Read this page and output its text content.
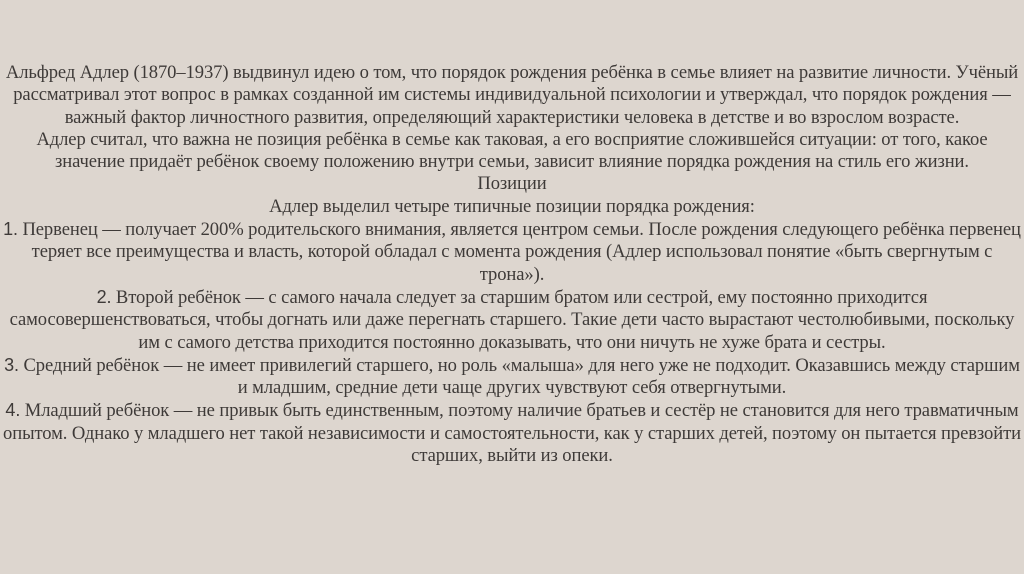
Альфред Адлер (1870–1937) выдвинул идею о том, что порядок рождения ребёнка в семье влияет на развитие личности. Учёный рассматривал этот вопрос в рамках созданной им системы индивидуальной психологии и утверждал, что порядок рождения — важный фактор личностного развития, определяющий характеристики человека в детстве и во взрослом возрасте.

Адлер считал, что важна не позиция ребёнка в семье как таковая, а его восприятие сложившейся ситуации: от того, какое значение придаёт ребёнок своему положению внутри семьи, зависит влияние порядка рождения на стиль его жизни.

Позиции

Адлер выделил четыре типичные позиции порядка рождения:

1. Первенец — получает 200% родительского внимания, является центром семьи. После рождения следующего ребёнка первенец теряет все преимущества и власть, которой обладал с момента рождения (Адлер использовал понятие «быть свергнутым с трона»).

2. Второй ребёнок — с самого начала следует за старшим братом или сестрой, ему постоянно приходится самосовершенствоваться, чтобы догнать или даже перегнать старшего. Такие дети часто вырастают честолюбивыми, поскольку им с самого детства приходится постоянно доказывать, что они ничуть не хуже брата и сестры.

3. Средний ребёнок — не имеет привилегий старшего, но роль «малыша» для него уже не подходит. Оказавшись между старшим и младшим, средние дети чаще других чувствуют себя отвергнутыми.

4. Младший ребёнок — не привык быть единственным, поэтому наличие братьев и сестёр не становится для него травматичным опытом. Однако у младшего нет такой независимости и самостоятельности, как у старших детей, поэтому он пытается превзойти старших, выйти из опеки.
